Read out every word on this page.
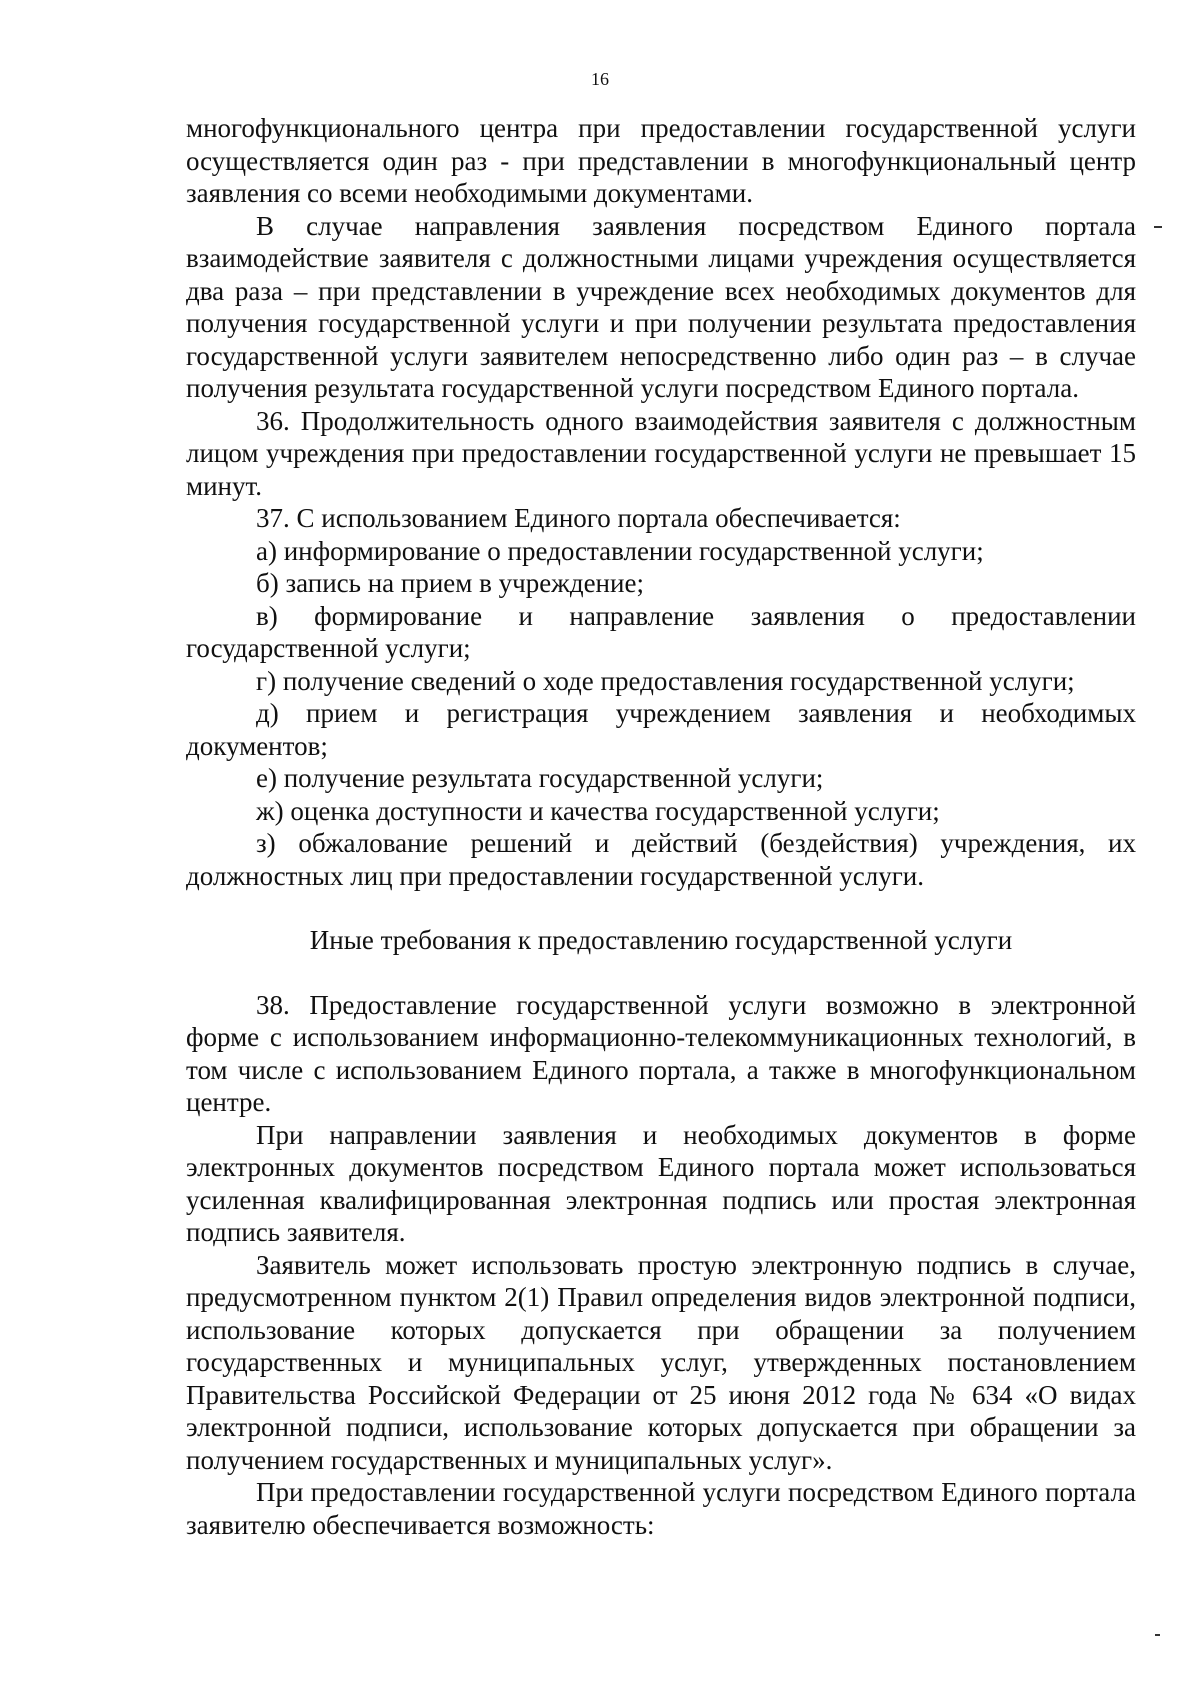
16

многофункционального центра при предоставлении государственной услуги осуществляется один раз - при представлении в многофункциональный центр заявления со всеми необходимыми документами.

В случае направления заявления посредством Единого портала взаимодействие заявителя с должностными лицами учреждения осуществляется два раза – при представлении в учреждение всех необходимых документов для получения государственной услуги и при получении результата предоставления государственной услуги заявителем непосредственно либо один раз – в случае получения результата государственной услуги посредством Единого портала.

36. Продолжительность одного взаимодействия заявителя с должностным лицом учреждения при предоставлении государственной услуги не превышает 15 минут.

37. С использованием Единого портала обеспечивается:

а) информирование о предоставлении государственной услуги;

б) запись на прием в учреждение;

в) формирование и направление заявления о предоставлении государственной услуги;

г) получение сведений о ходе предоставления государственной услуги;

д) прием и регистрация учреждением заявления и необходимых документов;

е) получение результата государственной услуги;

ж) оценка доступности и качества государственной услуги;

з) обжалование решений и действий (бездействия) учреждения, их должностных лиц при предоставлении государственной услуги.

Иные требования к предоставлению государственной услуги

38. Предоставление государственной услуги возможно в электронной форме с использованием информационно-телекоммуникационных технологий, в том числе с использованием Единого портала, а также в многофункциональном центре.

При направлении заявления и необходимых документов в форме электронных документов посредством Единого портала может использоваться усиленная квалифицированная электронная подпись или простая электронная подпись заявителя.

Заявитель может использовать простую электронную подпись в случае, предусмотренном пунктом 2(1) Правил определения видов электронной подписи, использование которых допускается при обращении за получением государственных и муниципальных услуг, утвержденных постановлением Правительства Российской Федерации от 25 июня 2012 года № 634 «О видах электронной подписи, использование которых допускается при обращении за получением государственных и муниципальных услуг».

При предоставлении государственной услуги посредством Единого портала заявителю обеспечивается возможность:
